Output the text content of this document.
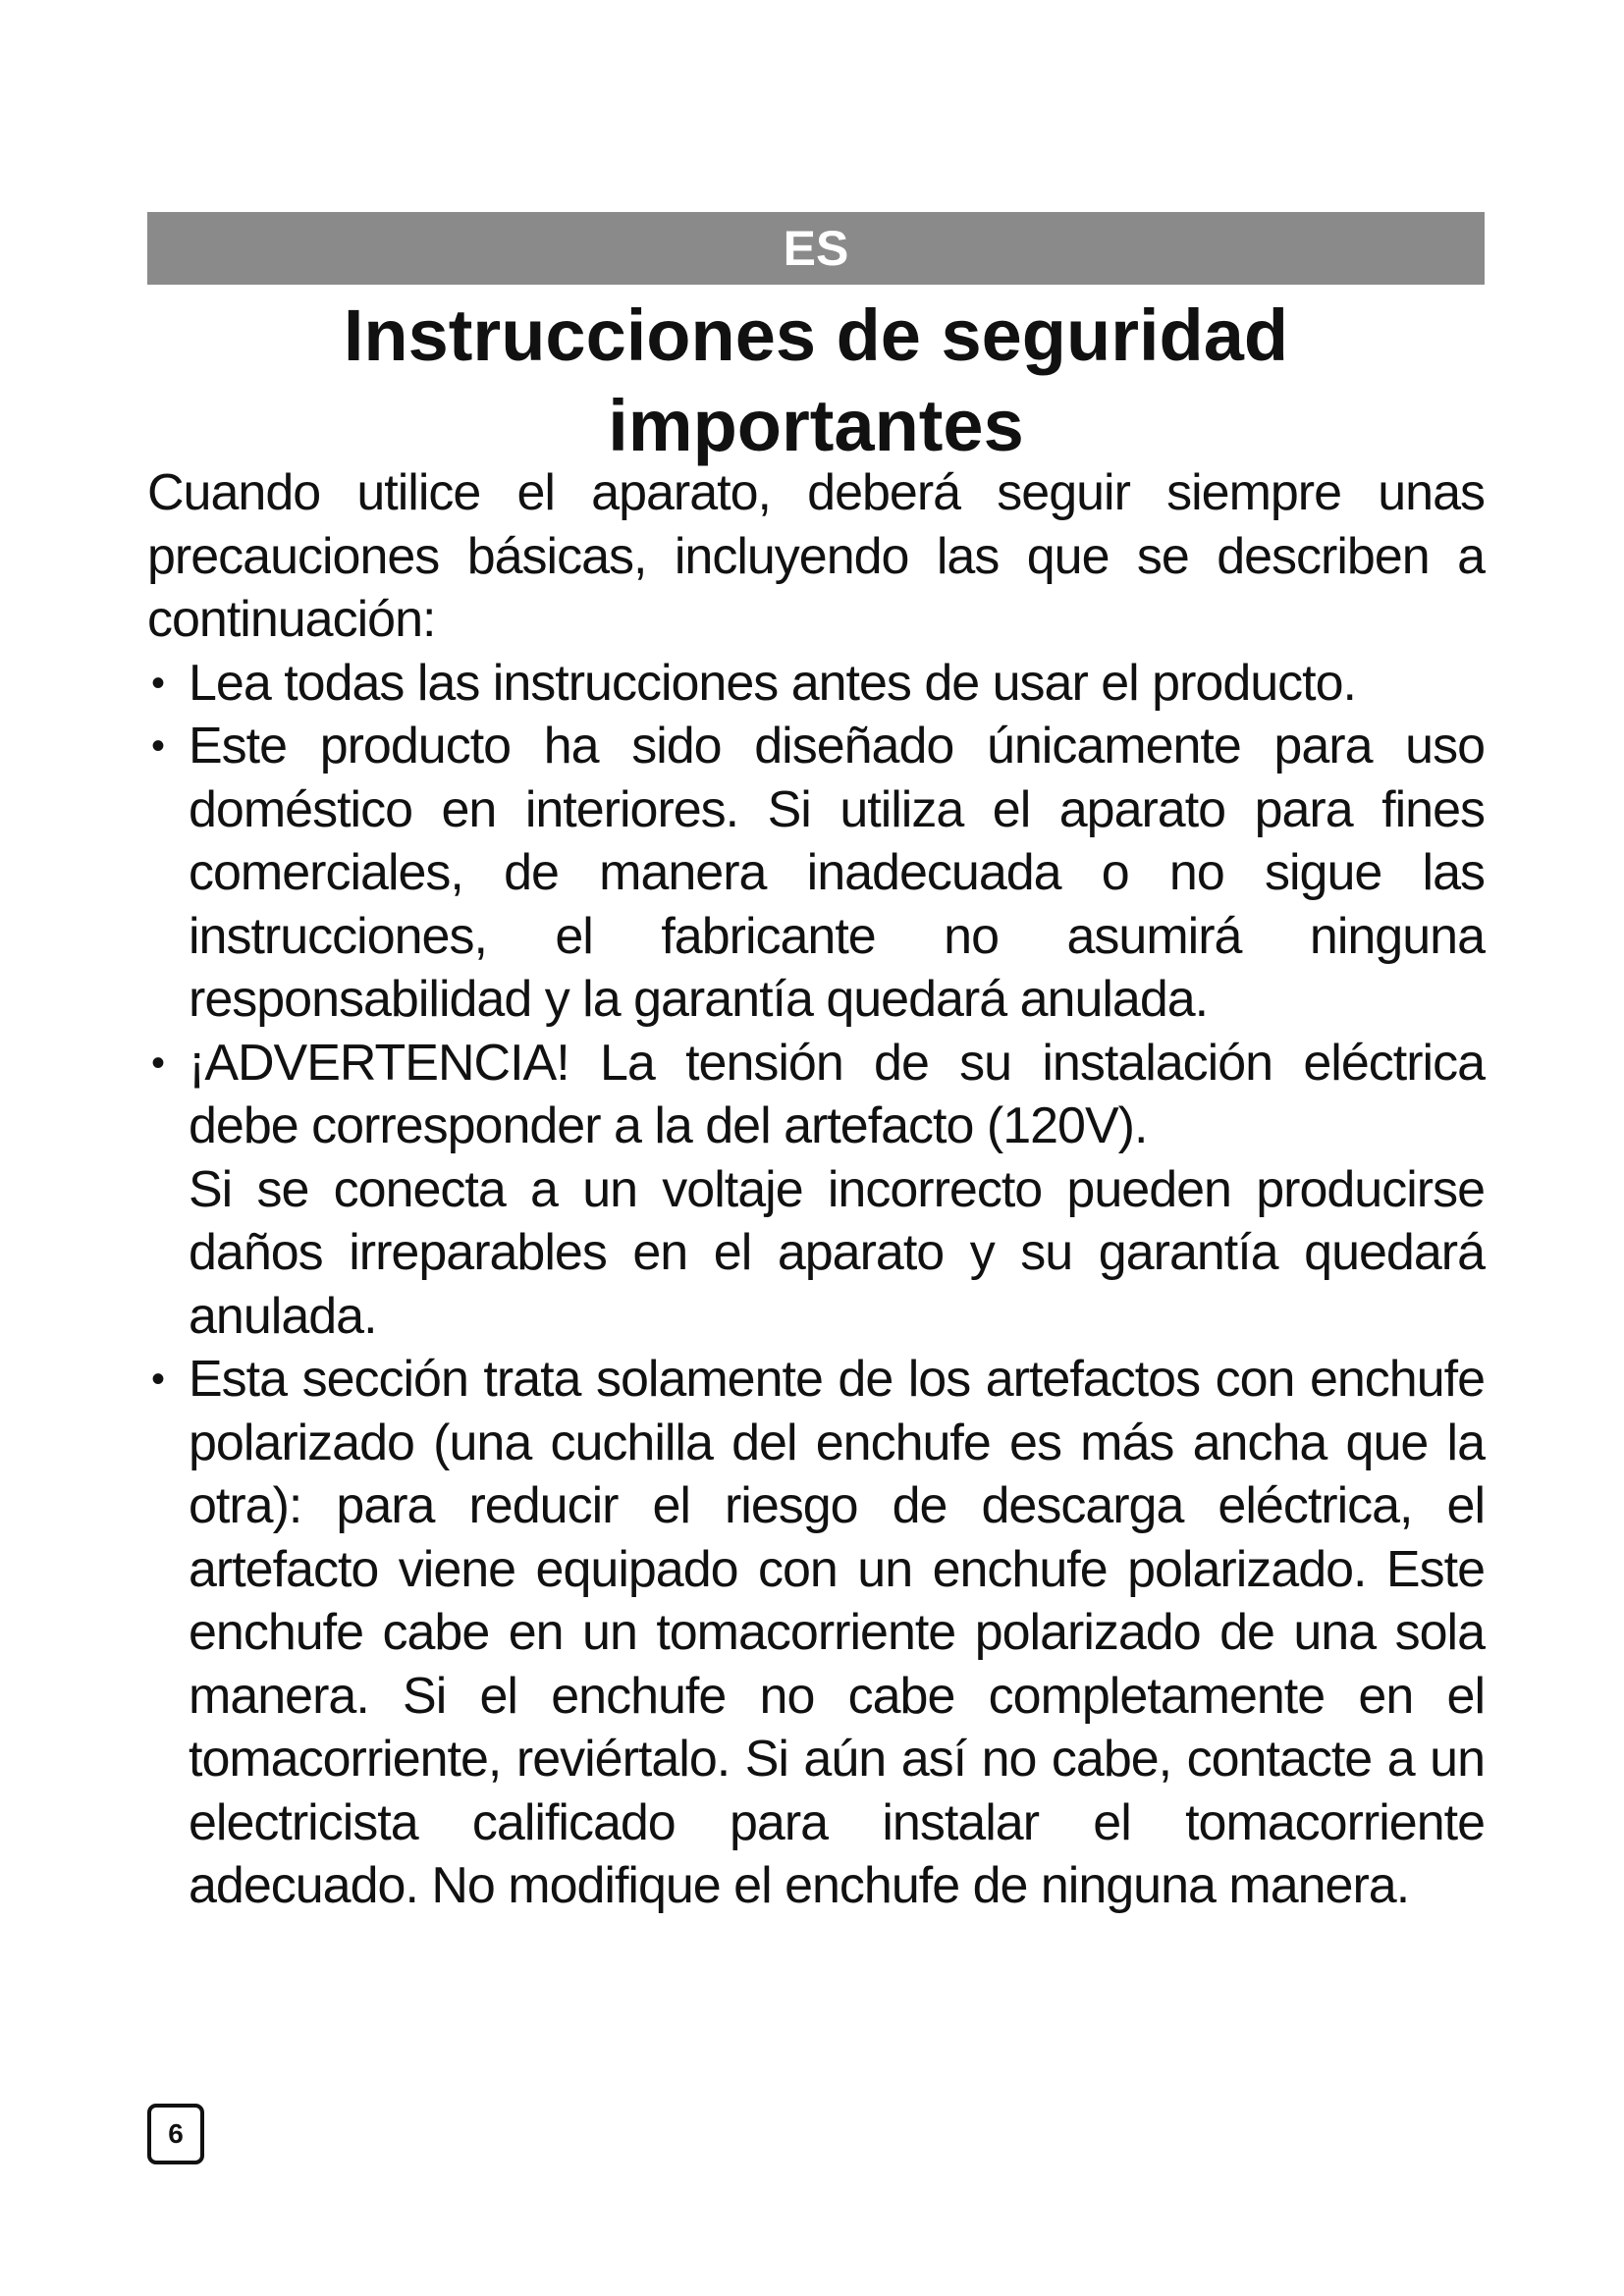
ES
Instrucciones de seguridad
importantes

Cuando utilice el aparato, deberá seguir siempre unas precauciones básicas, incluyendo las que se describen a continuación:

• Lea todas las instrucciones antes de usar el producto.

• Este producto ha sido diseñado únicamente para uso doméstico en interiores. Si utiliza el aparato para fines comerciales, de manera inadecuada o no sigue las instrucciones, el fabricante no asumirá ninguna responsabilidad y la garantía quedará anulada.

• ¡ADVERTENCIA! La tensión de su instalación eléctrica debe corresponder a la del artefacto (120V).

Si se conecta a un voltaje incorrecto pueden producirse daños irreparables en el aparato y su garantía quedará anulada.

• Esta sección trata solamente de los artefactos con enchufe polarizado (una cuchilla del enchufe es más ancha que la otra): para reducir el riesgo de descarga eléctrica, el artefacto viene equipado con un enchufe polarizado. Este enchufe cabe en un tomacorriente polarizado de una sola manera. Si el enchufe no cabe completamente en el tomacorriente, reviértalo. Si aún así no cabe, contacte a un electricista calificado para instalar el tomacorriente adecuado. No modifique el enchufe de ninguna manera.

6
